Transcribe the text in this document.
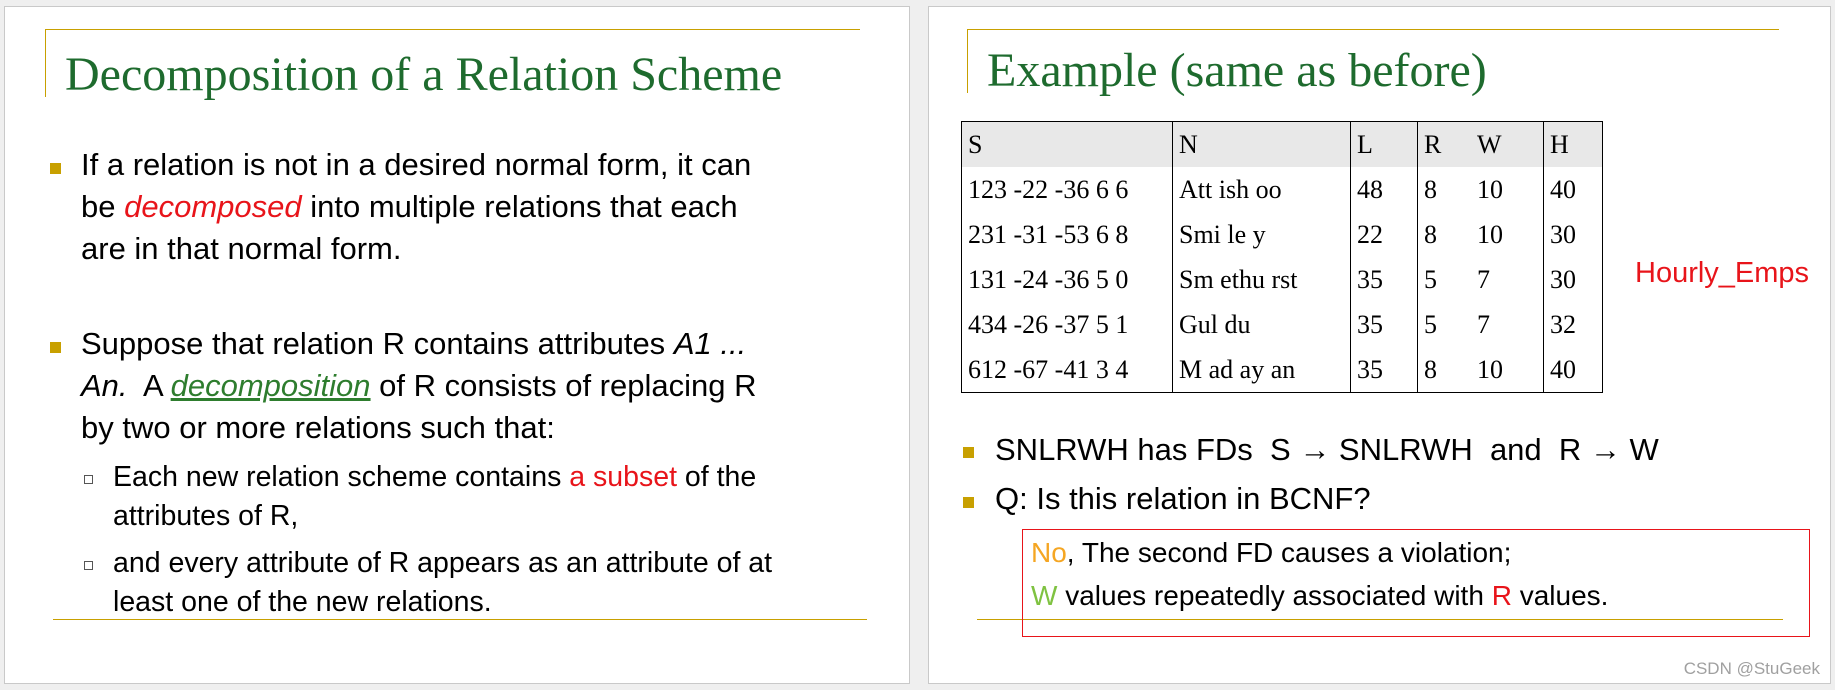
Decomposition of a Relation Scheme

If a relation is not in a desired normal form, it can

be decomposed into multiple relations that each

are in that normal form.

Suppose that relation R contains attributes A1 ...

An.  A decomposition of R consists of replacing R

by two or more relations such that:

Each new relation scheme contains a subset of the

attributes of R,

and every attribute of R appears as an attribute of at

least one of the new relations.

Example (same as before)
S	N	L	R	W	H
123 -22 -36 6 6	Att ish oo	48	8	10	40
231 -31 -53 6 8	Smi le y	22	8	10	30
131 -24 -36 5 0	Sm ethu rst	35	5	7	30
434 -26 -37 5 1	Gul du	35	5	7	32
612 -67 -41 3 4	M ad ay an	35	8	10	40
Hourly_Emps

SNLRWH has FDs  S → SNLRWH  and  R → W

Q: Is this relation in BCNF?

No, The second FD causes a violation;

W values repeatedly associated with R values.

CSDN @StuGeek
